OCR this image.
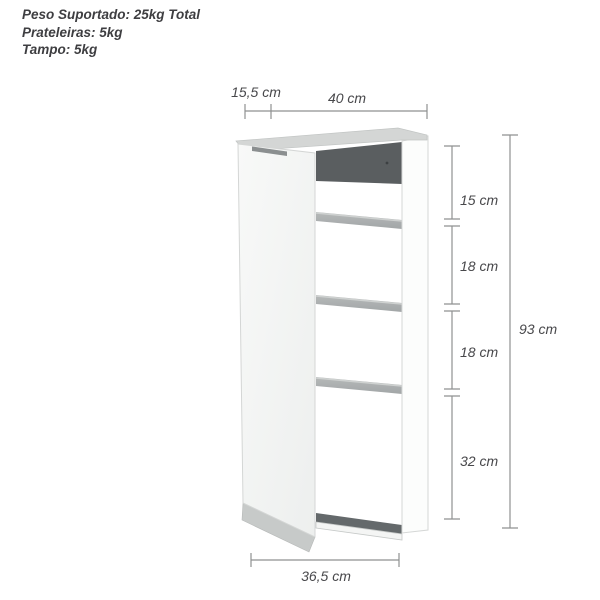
Peso Suportado: 25kg Total
Prateleiras: 5kg
Tampo: 5kg
15,5 cm	40 cm
15 cm
18 cm
18 cm
32 cm
93 cm
36,5 cm
